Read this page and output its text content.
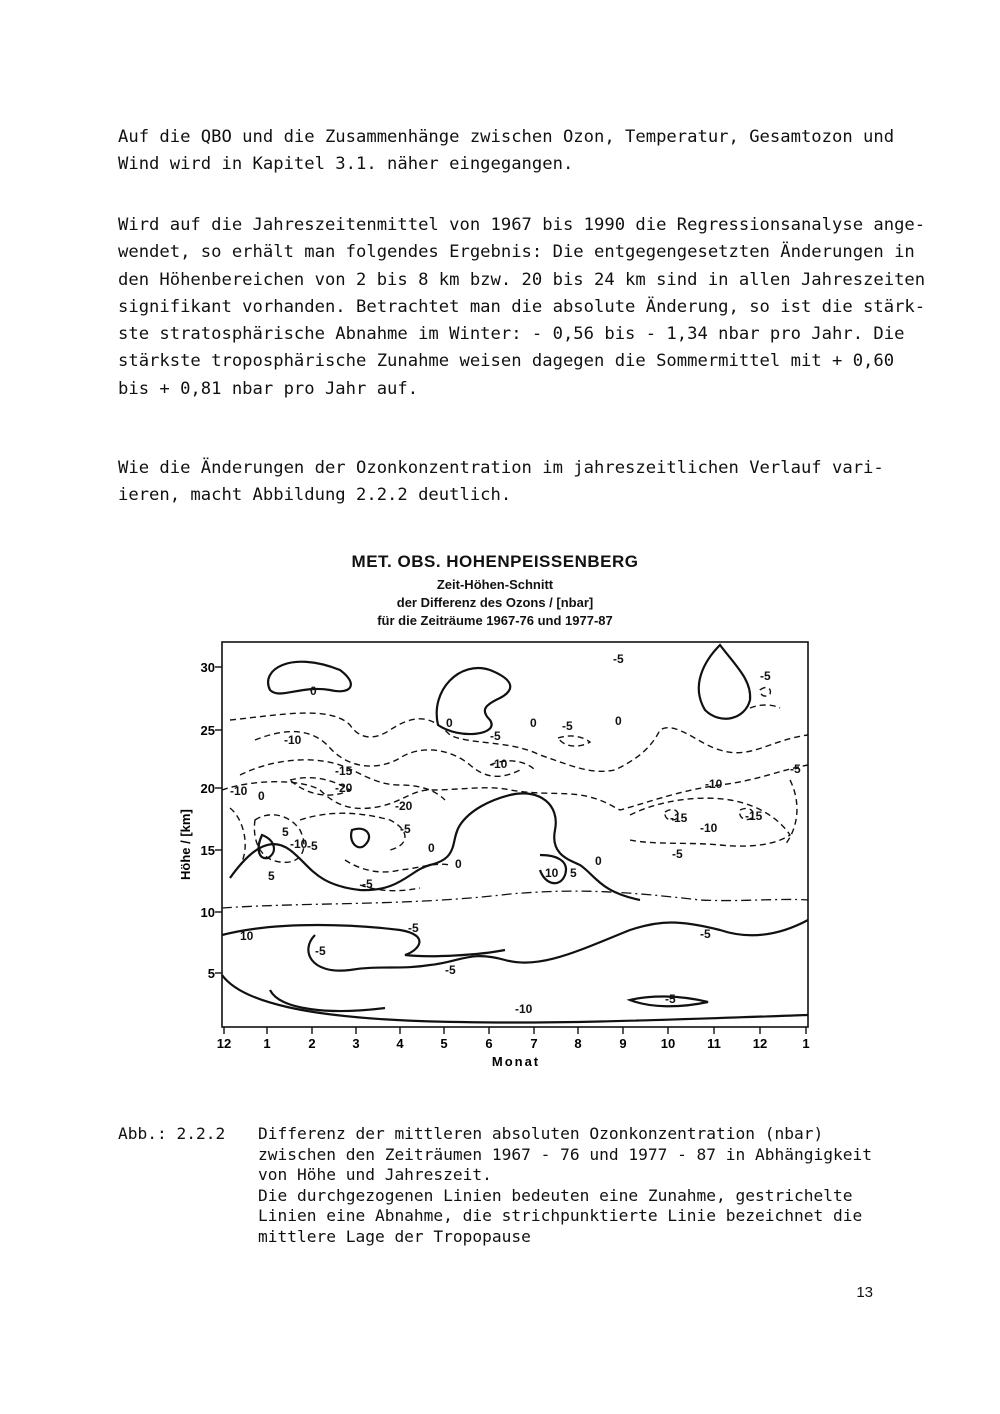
Auf die QBO und die Zusammenhänge zwischen Ozon, Temperatur, Gesamtozon und
Wind wird in Kapitel 3.1. näher eingegangen.
Wird auf die Jahreszeitenmittel von 1967 bis 1990 die Regressionsanalyse ange-
wendet, so erhält man folgendes Ergebnis: Die entgegengesetzten Änderungen in
den Höhenbereichen von 2 bis 8 km bzw. 20 bis 24 km sind in allen Jahreszeiten
signifikant vorhanden. Betrachtet man die absolute Änderung, so ist die stärk-
ste stratosphärische Abnahme im Winter: - 0,56 bis - 1,34 nbar pro Jahr. Die
stärkste troposphärische Zunahme weisen dagegen die Sommermittel mit + 0,60
bis + 0,81 nbar pro Jahr auf.
Wie die Änderungen der Ozonkonzentration im jahreszeitlichen Verlauf vari-
ieren, macht Abbildung 2.2.2 deutlich.
MET. OBS. HOHENPEISSENBERG
Zeit-Höhen-Schnitt
der Differenz des Ozons / [nbar]
für die Zeiträume 1967-76 und 1977-87
30
25
20
15
10
5
Höhe / [km]
12 1	2	3	4	5	6	7	8	9	10 11 12	1
Monat
0
-5
-5
0	0 -5	0
-10	-5
-15
-20
-10
-20
-10
-5
0
-10
-15	-15
-10
-5
-10	0
-5
0
-5
10 5
0
5
-5
5
-5
-10
-5
10
-5
-5
-5
Abb.: 2.2.2 Differenz der mittleren absoluten Ozonkonzentration (nbar)
zwischen den Zeiträumen 1967 - 76 und 1977 - 87 in Abhängigkeit
von Höhe und Jahreszeit.
Die durchgezogenen Linien bedeuten eine Zunahme, gestrichelte
Linien eine Abnahme, die strichpunktierte Linie bezeichnet die
mittlere Lage der Tropopause
13
